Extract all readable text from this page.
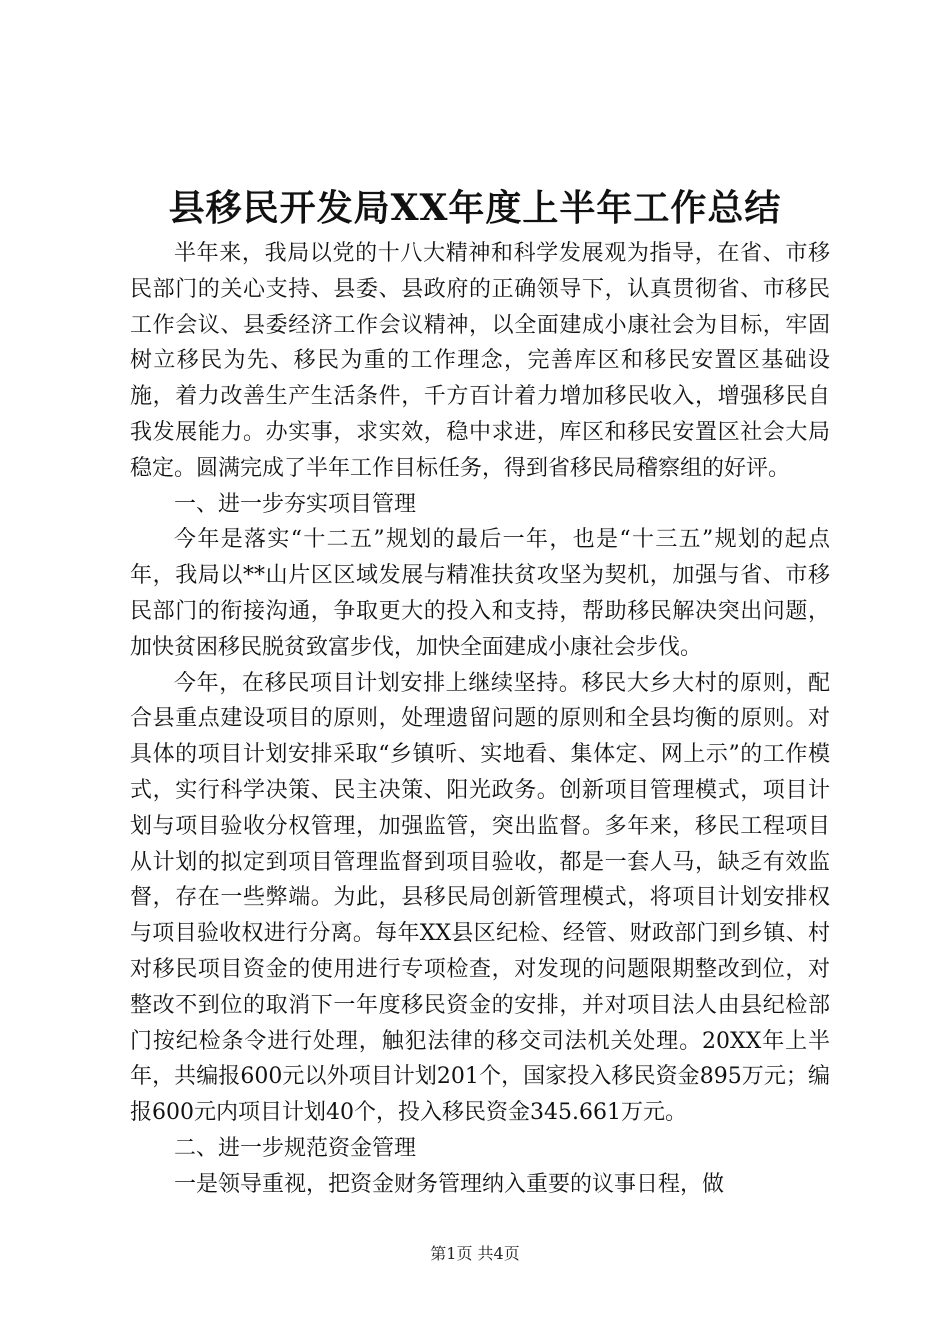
县移民开发局XX年度上半年工作总结

半年来，我局以党的十八大精神和科学发展观为指导，在省、市移民部门的关心支持、县委、县政府的正确领导下，认真贯彻省、市移民工作会议、县委经济工作会议精神，以全面建成小康社会为目标，牢固树立移民为先、移民为重的工作理念，完善库区和移民安置区基础设施，着力改善生产生活条件，千方百计着力增加移民收入，增强移民自我发展能力。办实事，求实效，稳中求进，库区和移民安置区社会大局稳定。圆满完成了半年工作目标任务，得到省移民局稽察组的好评。

一、进一步夯实项目管理

今年是落实“十二五”规划的最后一年，也是“十三五”规划的起点年，我局以**山片区区域发展与精准扶贫攻坚为契机，加强与省、市移民部门的衔接沟通，争取更大的投入和支持，帮助移民解决突出问题，加快贫困移民脱贫致富步伐，加快全面建成小康社会步伐。

今年，在移民项目计划安排上继续坚持。移民大乡大村的原则，配合县重点建设项目的原则，处理遗留问题的原则和全县均衡的原则。对具体的项目计划安排采取“乡镇听、实地看、集体定、网上示”的工作模式，实行科学决策、民主决策、阳光政务。创新项目管理模式，项目计划与项目验收分权管理，加强监管，突出监督。多年来，移民工程项目从计划的拟定到项目管理监督到项目验收，都是一套人马，缺乏有效监督，存在一些弊端。为此，县移民局创新管理模式，将项目计划安排权与项目验收权进行分离。每年XX县区纪检、经管、财政部门到乡镇、村对移民项目资金的使用进行专项检查，对发现的问题限期整改到位，对整改不到位的取消下一年度移民资金的安排，并对项目法人由县纪检部门按纪检条令进行处理，触犯法律的移交司法机关处理。20XX年上半年，共编报600元以外项目计划201个，国家投入移民资金895万元；编报600元内项目计划40个，投入移民资金345.661万元。

二、进一步规范资金管理

一是领导重视，把资金财务管理纳入重要的议事日程，做

第1页 共4页
